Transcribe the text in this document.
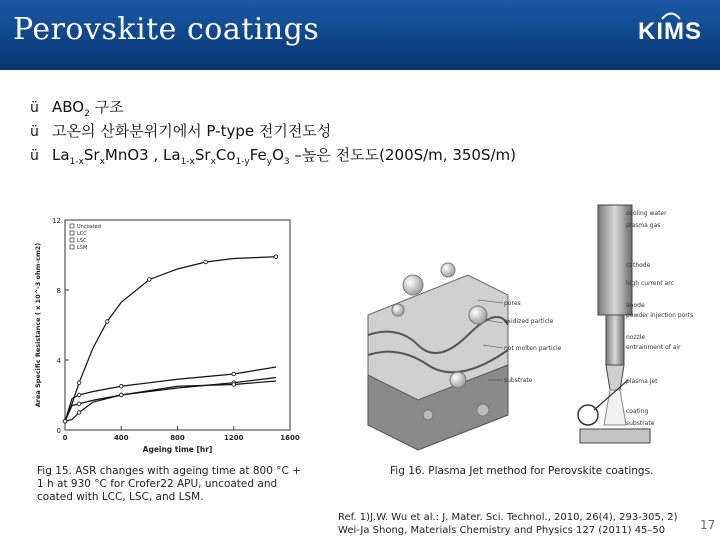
Perovskite coatings	KIMS
ü $ABO_2$ 구조
ü 고온의 산화분위기에서 P-type 전기전도성
ü $La_{1-x}Sr_xMnO3$ , $La_{1-x}Sr_xCo_{1-y}Fe_yO_3$ –높은 전도도(200S/m, 350S/m)
0
4
8
12
0	400	800	1200	1600
Ageing time [hr]
Area Specific Resistance ( x 10^-3 ohm-cm2)
Uncoated
LCC
LSC
LSM
Fig 15. ASR changes with ageing time at 800 °C + 1 h at 930 °C for Crofer22 APU, uncoated and coated with LCC, LSC, and LSM.
pores
oxidized particle
not molten particle
substrate
cooling water
plasma gas
cathode
high current arc
anode
powder injection ports
nozzle
entrainment of air
plasma jet
coating
substrate
Fig 16. Plasma Jet method for Perovskite coatings.
Ref. 1)J.W. Wu et al.: J. Mater. Sci. Technol., 2010, 26(4), 293-305, 2) Wei-Ja Shong, Materials Chemistry and Physics 127 (2011) 45–50	17
